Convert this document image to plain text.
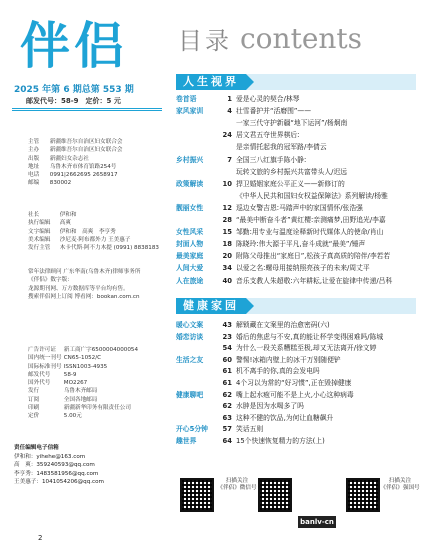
伴侣
2025 年第 6 期总第 553 期
邮发代号：58-9　定价：5 元
主管 新疆维吾尔自治区妇女联合会
主办 新疆维吾尔自治区妇女联合会
出版 新疆妇女杂志社
地址 乌鲁木齐市体育馆路254号
电话 0991|2662695 2658917
邮编 830002
社长	伊和和
执行编辑 高爽
文字编辑 伊和和　高爽　李亨秀
美术编辑 沙尼麦·阿布都外力 王美惠子
发行主管 木卡代斯·阿不力木提 (0991) 8838183
常年法律顾问 广东华南(乌鲁木齐)律师事务所
《伴侣》数字版：
龙源期刊网、万方数据库等平台均有售。
搜索伴侣网上订阅 博看网：bookan.com.cn
广告许可证 新工商广字6500004000054
国内统一刊号 CN65-1052/C
国际标准刊号 ISSN1003-4935
邮发代号 58-9
国外代号 MO2267
发行	乌鲁木齐邮局
订阅	全国各地邮局
印刷	新疆新华印务有限责任公司
定价	5.00元
责任编辑电子信箱
伊和和：yihehe@163.com
高　爽：359240593@qq.com
李亨秀：1483581956@qq.com
王美惠子：1041054206@qq.com
2
目录 contents
人生视界
卷首语	1 爱是心灵的契合/林琴
家风家训	4 壮雪番护并“活磨围”——
一家三代守护新疆“地下运河”/杨炯南
24 居文君五夺世界棋后:
是亲情托起我的冠军路/李倩云
乡村振兴	7 全国三八红旗手陈小静:
玩转文旅的乡村振兴共富带头人/迟远
政策解读	10 捍卫婚姻家庭公平正义——新修订的
《中华人民共和国妇女权益保障法》系列解读/杨雅
靓丽女性	12 巡边女警吉恩:马踏声中的家国情怀/张浩强
28 “最美中断奋斗者”黄红樱:亲测痛梦,田野追光/李嘉
女性风采	15 邹勤:用专业与温度诠释新时代媒体人的使命/肖山
封面人物	18 陈晓玲:伟大源于平凡,奋斗成就“最美”/锤声
最美家庭	20 附陈父母推出“家庭日”,松孩子真高质的陪伴/李若若
人间大爱	34 以爱之名:螺母用接纳照亮孩子的未来/周丈平
人在旅途	40 音乐支教人朱超敬:六年耕耘,让爱在旋律中传递/吕科
健康家园
暖心文案	43 解锁藏在文案里的治愈密码(六)
婚恋访谈	23 婚后的焦虑与不安,真的能让杯学变得困难吗/陈城
54 为什么一段关系糟糕至极,却又无法离开/徐文婷
生活之友	60 警惕!冰箱内壁上的冰干万别随便铲
61 机不离手的你,真的会发电吗
61 4个习以为常的“好习惯”,正在毁掉健康
健康聊吧	62 嘴上起水疱可能不是上火,小心这种病毒
62 水肿是因为水喝多了吗
63 这种不健的饮品,为何让血糖飙升
开心5分钟	57 笑话五则
趣世界	64 15个快速恢复精力的方法(上)
扫描关注
《伴侣》微信号
banlv-cn
扫描关注
《伴侣》强国号
